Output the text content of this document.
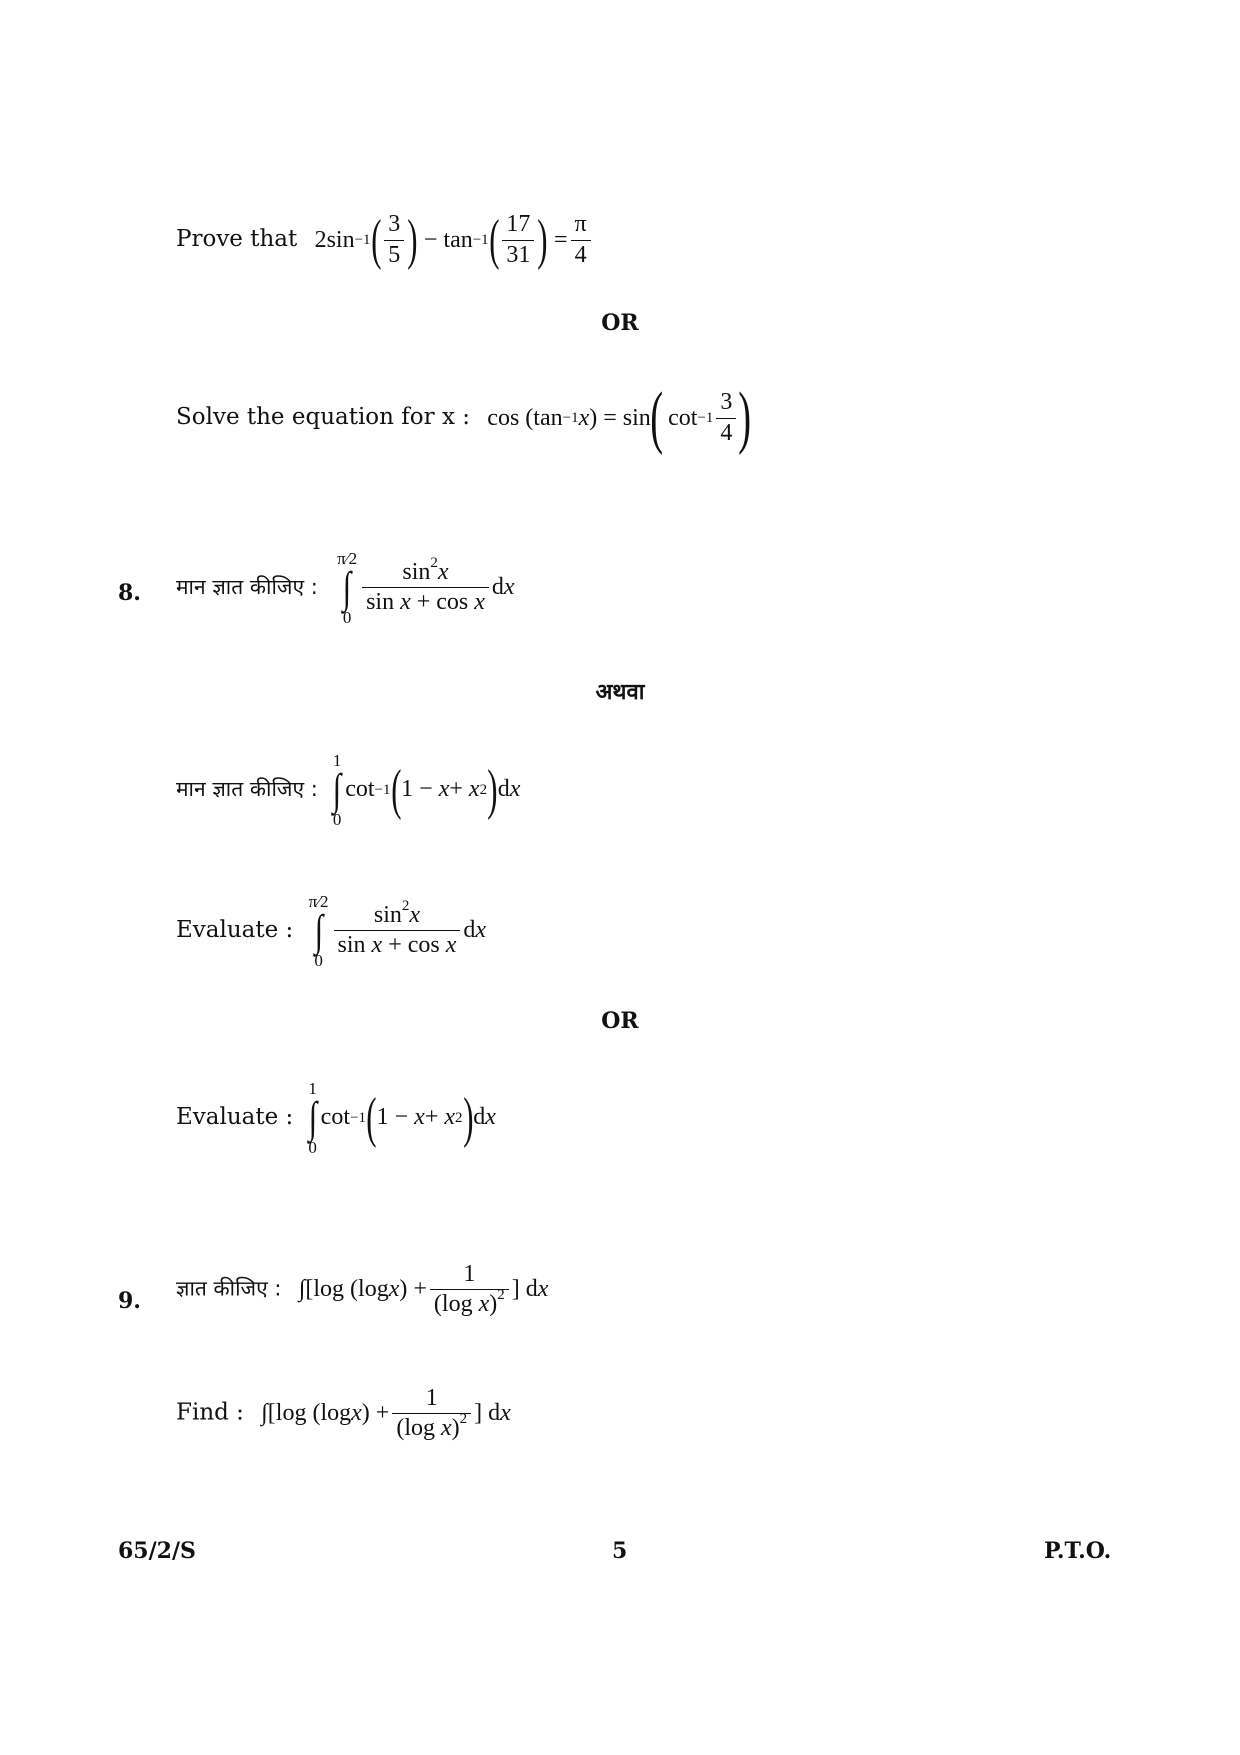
Prove that 2sin −1 ( 3
5 ) − tan −1 ( 17
31 ) =
π
4
OR
Solve the equation for x : cos (tan −1 x ) = sin ( cot −1
3
4 )
8. मान ज्ञात कीजिए :
π⁄2
∫
0
$\sin^2x$
sin x + cos x
d x
अथवा
मान ज्ञात कीजिए :
1
∫
0
cot −1 ( 1 − x + x 2 ) d x
Evaluate :
π⁄2
∫
0
$\sin^2x$
sin x + cos x
d x
OR
Evaluate :
1
∫
0
cot −1 ( 1 − x + x 2 ) d x
9. ज्ञात कीजिए : ∫[log (log x ) +
1
(log x)$^2$ ] d x
Find : ∫[log (log x ) +
1
(log x)$^2$ ] d x
65/2/S	5	P.T.O.
